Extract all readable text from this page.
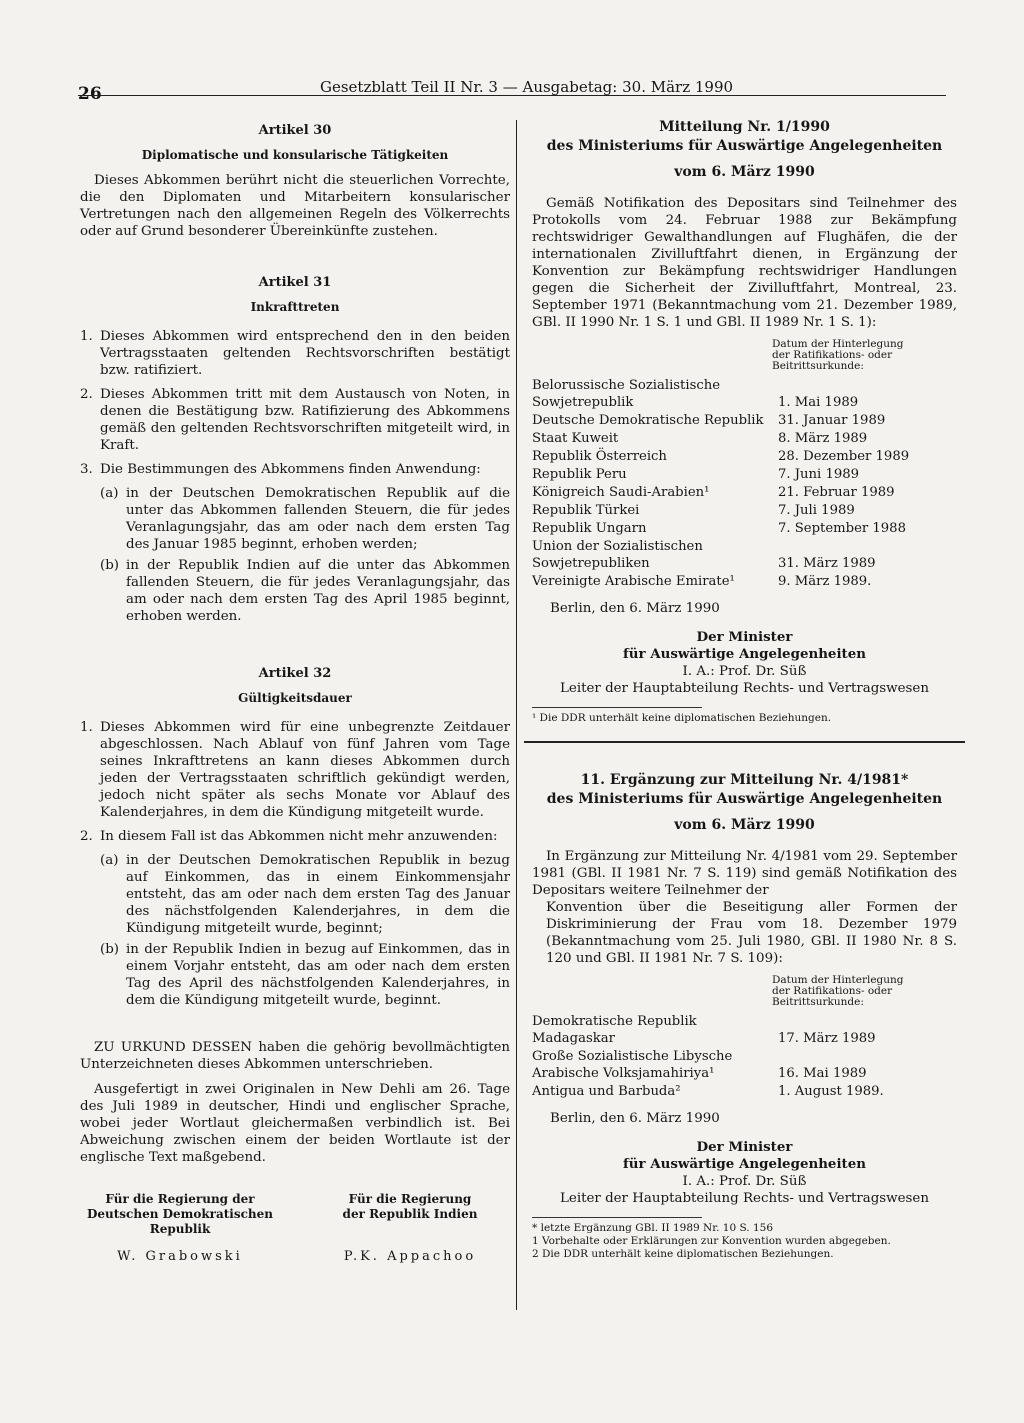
26	Gesetzblatt Teil II Nr. 3 — Ausgabetag: 30. März 1990
Artikel 30
Diplomatische und konsularische Tätigkeiten
Dieses Abkommen berührt nicht die steuerlichen Vorrechte, die den Diplomaten und Mitarbeitern konsularischer Vertretungen nach den allgemeinen Regeln des Völkerrechts oder auf Grund besonderer Übereinkünfte zustehen.
Artikel 31
Inkrafttreten
1. Dieses Abkommen wird entsprechend den in den beiden Vertragsstaaten geltenden Rechtsvorschriften bestätigt bzw. ratifiziert.
2. Dieses Abkommen tritt mit dem Austausch von Noten, in denen die Bestätigung bzw. Ratifizierung des Abkommens gemäß den geltenden Rechtsvorschriften mitgeteilt wird, in Kraft.
3. Die Bestimmungen des Abkommens finden Anwendung:
(a) in der Deutschen Demokratischen Republik auf die unter das Abkommen fallenden Steuern, die für jedes Veranlagungsjahr, das am oder nach dem ersten Tag des Januar 1985 beginnt, erhoben werden;
(b) in der Republik Indien auf die unter das Abkommen fallenden Steuern, die für jedes Veranlagungsjahr, das am oder nach dem ersten Tag des April 1985 beginnt, erhoben werden.
Artikel 32
Gültigkeitsdauer
1. Dieses Abkommen wird für eine unbegrenzte Zeitdauer abgeschlossen. Nach Ablauf von fünf Jahren vom Tage seines Inkrafttretens an kann dieses Abkommen durch jeden der Vertragsstaaten schriftlich gekündigt werden, jedoch nicht später als sechs Monate vor Ablauf des Kalenderjahres, in dem die Kündigung mitgeteilt wurde.
2. In diesem Fall ist das Abkommen nicht mehr anzuwenden:
(a) in der Deutschen Demokratischen Republik in bezug auf Einkommen, das in einem Einkommensjahr entsteht, das am oder nach dem ersten Tag des Januar des nächstfolgenden Kalenderjahres, in dem die Kündigung mitgeteilt wurde, beginnt;
(b) in der Republik Indien in bezug auf Einkommen, das in einem Vorjahr entsteht, das am oder nach dem ersten Tag des April des nächstfolgenden Kalenderjahres, in dem die Kündigung mitgeteilt wurde, beginnt.
ZU URKUND DESSEN haben die gehörig bevollmächtigten Unterzeichneten dieses Abkommen unterschrieben.
Ausgefertigt in zwei Originalen in New Dehli am 26. Tage des Juli 1989 in deutscher, Hindi und englischer Sprache, wobei jeder Wortlaut gleichermaßen verbindlich ist. Bei Abweichung zwischen einem der beiden Wortlaute ist der englische Text maßgebend.
Für die Regierung der
Deutschen Demokratischen
Republik
W. Grabowski
Für die Regierung
der Republik Indien
P.K. Appachoo
Mitteilung Nr. 1/1990
des Ministeriums für Auswärtige Angelegenheiten
vom 6. März 1990
Gemäß Notifikation des Depositars sind Teilnehmer des Protokolls vom 24. Februar 1988 zur Bekämpfung rechtswidriger Gewalthandlungen auf Flughäfen, die der internationalen Zivilluftfahrt dienen, in Ergänzung der Konvention zur Bekämpfung rechtswidriger Handlungen gegen die Sicherheit der Zivilluftfahrt, Montreal, 23. September 1971 (Bekanntmachung vom 21. Dezember 1989, GBl. II 1990 Nr. 1 S. 1 und GBl. II 1989 Nr. 1 S. 1):
Datum der Hinterlegung
der Ratifikations- oder
Beitrittsurkunde:
Belorussische Sozialistische Sowjetrepublik	1. Mai 1989
Deutsche Demokratische Republik	31. Januar 1989
Staat Kuweit	8. März 1989
Republik Österreich	28. Dezember 1989
Republik Peru	7. Juni 1989
Königreich Saudi-Arabien¹	21. Februar 1989
Republik Türkei	7. Juli 1989
Republik Ungarn	7. September 1988
Union der Sozialistischen Sowjetrepubliken	31. März 1989
Vereinigte Arabische Emirate¹	9. März 1989.
Berlin, den 6. März 1990
Der Minister
für Auswärtige Angelegenheiten
I. A.: Prof. Dr. Süß
Leiter der Hauptabteilung Rechts- und Vertragswesen
¹ Die DDR unterhält keine diplomatischen Beziehungen.
11. Ergänzung zur Mitteilung Nr. 4/1981*
des Ministeriums für Auswärtige Angelegenheiten
vom 6. März 1990
In Ergänzung zur Mitteilung Nr. 4/1981 vom 29. September 1981 (GBl. II 1981 Nr. 7 S. 119) sind gemäß Notifikation des Depositars weitere Teilnehmer der
Konvention über die Beseitigung aller Formen der Diskriminierung der Frau vom 18. Dezember 1979 (Bekanntmachung vom 25. Juli 1980, GBl. II 1980 Nr. 8 S. 120 und GBl. II 1981 Nr. 7 S. 109):
Datum der Hinterlegung
der Ratifikations- oder
Beitrittsurkunde:
Demokratische Republik Madagaskar	17. März 1989
Große Sozialistische Libysche Arabische Volksjamahiriya¹	16. Mai 1989
Antigua und Barbuda²	1. August 1989.
Berlin, den 6. März 1990
Der Minister
für Auswärtige Angelegenheiten
I. A.: Prof. Dr. Süß
Leiter der Hauptabteilung Rechts- und Vertragswesen
* letzte Ergänzung GBl. II 1989 Nr. 10 S. 156
1 Vorbehalte oder Erklärungen zur Konvention wurden abgegeben.
2 Die DDR unterhält keine diplomatischen Beziehungen.
